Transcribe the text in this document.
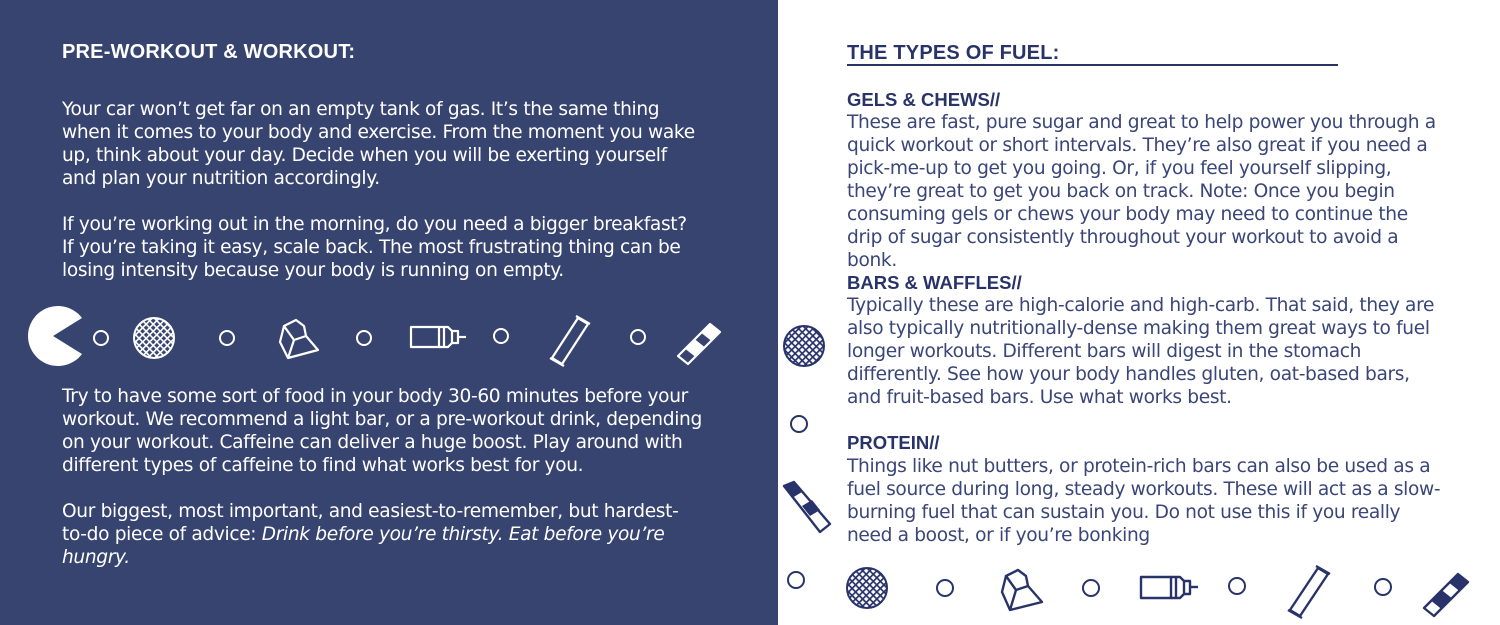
PRE-WORKOUT & WORKOUT:

Your car won’t get far on an empty tank of gas. It’s the same thing when it comes to your body and exercise. From the moment you wake up, think about your day. Decide when you will be exerting yourself and plan your nutrition accordingly.

If you’re working out in the morning, do you need a bigger breakfast? If you’re taking it easy, scale back. The most frustrating thing can be losing intensity because your body is running on empty.

Try to have some sort of food in your body 30-60 minutes before your workout. We recommend a light bar, or a pre-workout drink, depending on your workout. Caffeine can deliver a huge boost. Play around with different types of caffeine to find what works best for you.

Our biggest, most important, and easiest-to-remember, but hardest-to-do piece of advice: Drink before you’re thirsty. Eat before you’re hungry.

THE TYPES OF FUEL:
GELS & CHEWS//

These are fast, pure sugar and great to help power you through a quick workout or short intervals. They’re also great if you need a pick-me-up to get you going. Or, if you feel yourself slipping, they’re great to get you back on track. Note: Once you begin consuming gels or chews your body may need to continue the drip of sugar consistently throughout your workout to avoid a bonk.

BARS & WAFFLES//

Typically these are high-calorie and high-carb. That said, they are also typically nutritionally-dense making them great ways to fuel longer workouts. Different bars will digest in the stomach differently. See how your body handles gluten, oat-based bars, and fruit-based bars. Use what works best.

PROTEIN//

Things like nut butters, or protein-rich bars can also be used as a fuel source during long, steady workouts. These will act as a slow-burning fuel that can sustain you. Do not use this if you really need a boost, or if you’re bonking
